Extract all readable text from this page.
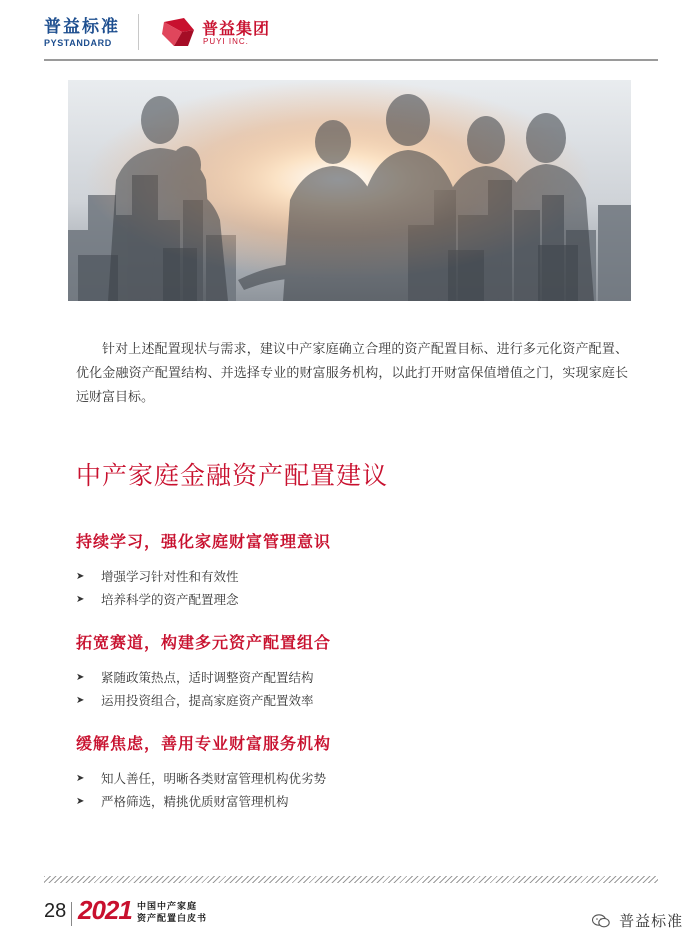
普益标准
PYSTANDARD
普益集团
PUYI INC.
针对上述配置现状与需求，建议中产家庭确立合理的资产配置目标、进行多元化资产配置、优化金融资产配置结构、并选择专业的财富服务机构，以此打开财富保值增值之门，实现家庭长远财富目标。
中产家庭金融资产配置建议
持续学习，强化家庭财富管理意识
➤ 增强学习针对性和有效性
➤ 培养科学的资产配置理念
拓宽赛道，构建多元资产配置组合
➤ 紧随政策热点，适时调整资产配置结构
➤ 运用投资组合，提高家庭资产配置效率
缓解焦虑，善用专业财富服务机构
➤ 知人善任，明晰各类财富管理机构优劣势
➤ 严格筛选，精挑优质财富管理机构
28 2021 中国中产家庭
资产配置白皮书	普益标准
